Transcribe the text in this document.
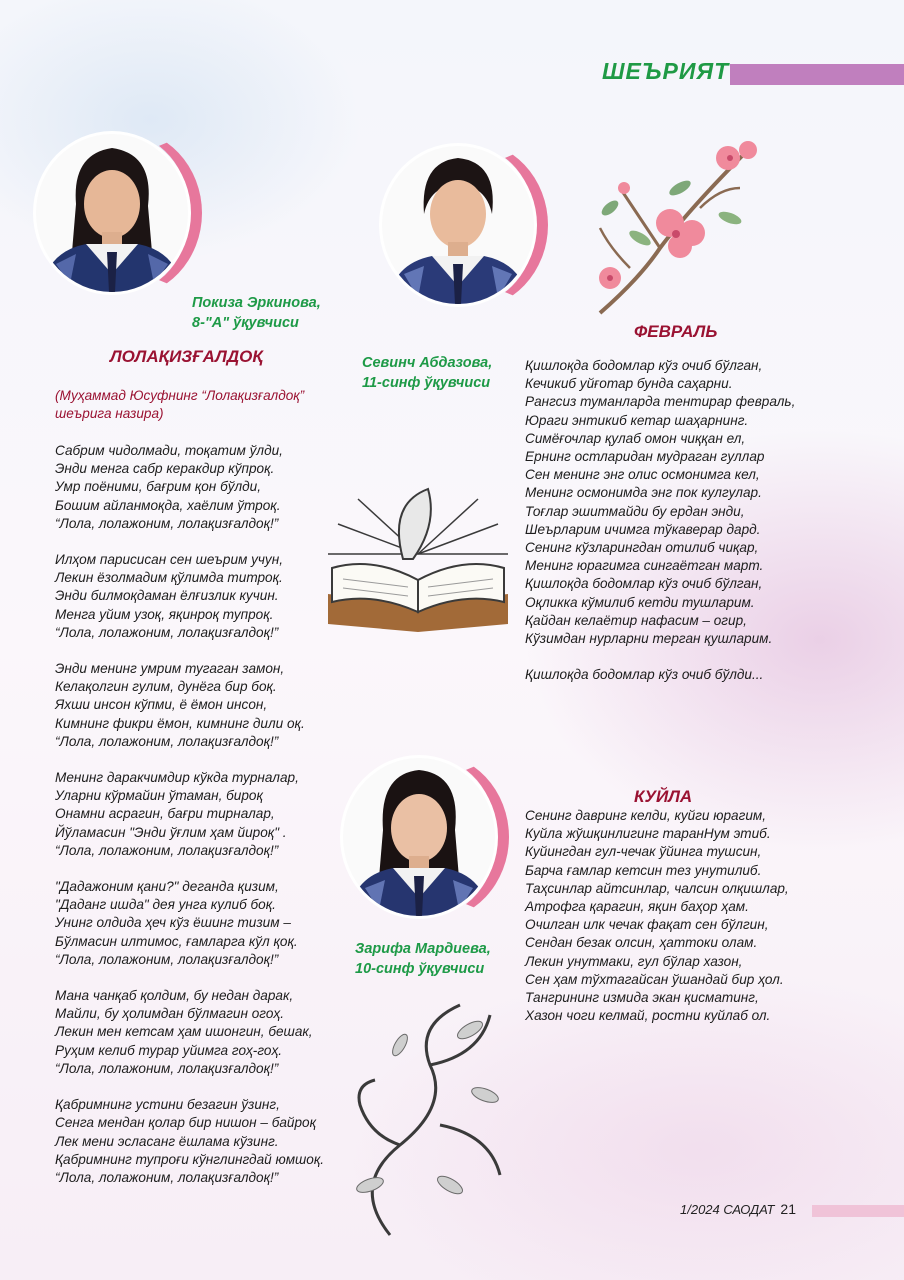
ШЕЪРИЯТ
Покиза Эркинова,
8-"А" ўқувчиси
Севинч Абдазова,
11-синф ўқувчиси
ЛОЛАҚИЗҒАЛДОҚ
(Муҳаммад Юсуфнинг “Лолақизғалдоқ”
шеърига назира)
Сабрим чидолмади, тоқатим ўлди,
Энди менга сабр керакдир кўпроқ.
Умр поёними, бағрим қон бўлди,
Бошим айланмоқда, хаёлим ўтроқ.
“Лола, лолажоним, лолақизғалдоқ!”
Илҳом парисисан сен шеърим учун,
Лекин ёзолмадим қўлимда титроқ.
Энди билмоқдаман ёлғизлик кучин.
Менга уйим узоқ, яқинроқ тупроқ.
“Лола, лолажоним, лолақизғалдоқ!”
Энди менинг умрим тугаган замон,
Келақолгин гулим, дунёга бир боқ.
Яхши инсон кўпми, ё ёмон инсон,
Кимнинг фикри ёмон, кимнинг дили оқ.
“Лола, лолажоним, лолақизғалдоқ!”
Менинг даракчимдир кўкда турналар,
Уларни кўрмайин ўтаман, бироқ
Онамни асрагин, бағри тирналар,
Йўламасин "Энди ўғлим ҳам йироқ" .
“Лола, лолажоним, лолақизғалдоқ!”
"Дадажоним қани?" деганда қизим,
"Даданг ишда" дея унга кулиб боқ.
Унинг олдида ҳеч кўз ёшинг тизим –
Бўлмасин илтимос, ғамларга кўл қоқ.
“Лола, лолажоним, лолақизғалдоқ!”
Мана чанқаб қолдим, бу недан дарак,
Майли, бу ҳолимдан бўлмагин огоҳ.
Лекин мен кетсам ҳам ишонгин, бешак,
Руҳим келиб турар уйимга гоҳ-гоҳ.
“Лола, лолажоним, лолақизғалдоқ!”
Қабримнинг устини безагин ўзинг,
Сенга мендан қолар бир нишон – байроқ
Лек мени эсласанг ёшлама кўзинг.
Қабримнинг тупроғи кўнглингдай юмшоқ.
“Лола, лолажоним, лолақизғалдоқ!”
ФЕВРАЛЬ
Қишлоқда бодомлар кўз очиб бўлган,
Кечикиб уйғотар бунда саҳарни.
Рангсиз туманларда тентирар февраль,
Юраги энтикиб кетар шаҳарнинг.
Симёғочлар қулаб омон чиққан ел,
Ернинг остларидан мудраган гуллар
Сен менинг энг олис осмонимга кел,
Менинг осмонимда энг пок кулгулар.
Тоғлар эшитмайди бу ердан энди,
Шеърларим ичимга тўкаверар дард.
Сенинг кўзларингдан отилиб чиқар,
Менинг юрагимга сингаётган март.
Қишлоқда бодомлар кўз очиб бўлган,
Оқликка кўмилиб кетди тушларим.
Қайдан келаётир нафасим – огир,
Кўзимдан нурларни терган қушларим.
Қишлоқда бодомлар кўз очиб бўлди...
Зарифа Мардиева,
10-синф ўқувчиси
КУЙЛА
Сенинг давринг келди, куйги юрагим,
Куйла жўшқинлигинг таранHум этиб.
Куйингдан гул-чечак ўйинга тушсин,
Барча ғамлар кетсин тез унутилиб.
Таҳсинлар айтсинлар, чалсин олқишлар,
Атрофга қарагин, яқин баҳор ҳам.
Очилган илк чечак фақат сен бўлгин,
Сендан безак олсин, ҳаттоки олам.
Лекин унутмаки, гул бўлар хазон,
Сен ҳам тўхтагайсан ўшандай бир ҳол.
Тангрининг измида экан қисматинг,
Хазон чоги келмай, ростни куйлаб ол.
1/2024 САОДАТ 21
